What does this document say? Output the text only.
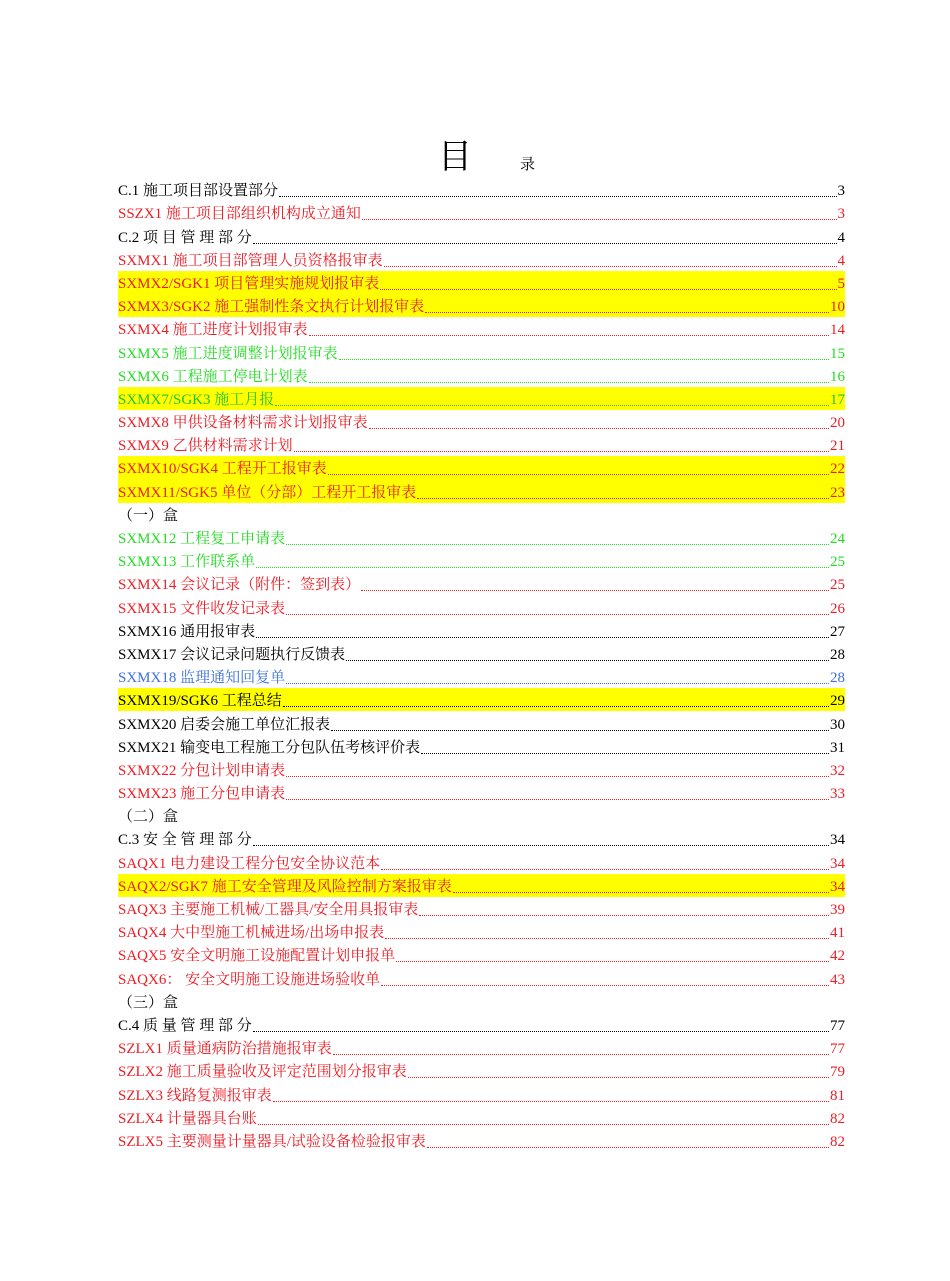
目	录
C.1 施工项目部设置部分	3
SSZX1 施工项目部组织机构成立通知	3
C.2 项 目 管 理 部 分	4
SXMX1 施工项目部管理人员资格报审表	4
SXMX2/SGK1 项目管理实施规划报审表	5
SXMX3/SGK2 施工强制性条文执行计划报审表	10
SXMX4 施工进度计划报审表	14
SXMX5 施工进度调整计划报审表	15
SXMX6 工程施工停电计划表	16
SXMX7/SGK3 施工月报	17
SXMX8 甲供设备材料需求计划报审表	20
SXMX9 乙供材料需求计划	21
SXMX10/SGK4 工程开工报审表	22
SXMX11/SGK5 单位（分部）工程开工报审表	23
（一）盒
SXMX12 工程复工申请表	24
SXMX13 工作联系单	25
SXMX14 会议记录（附件：签到表）	25
SXMX15 文件收发记录表	26
SXMX16 通用报审表	27
SXMX17 会议记录问题执行反馈表	28
SXMX18 监理通知回复单	28
SXMX19/SGK6 工程总结	29
SXMX20 启委会施工单位汇报表	30
SXMX21 输变电工程施工分包队伍考核评价表	31
SXMX22 分包计划申请表	32
SXMX23 施工分包申请表	33
（二）盒
C.3 安 全 管 理 部 分	34
SAQX1 电力建设工程分包安全协议范本	34
SAQX2/SGK7 施工安全管理及风险控制方案报审表	34
SAQX3 主要施工机械/工器具/安全用具报审表	39
SAQX4 大中型施工机械进场/出场申报表	41
SAQX5 安全文明施工设施配置计划申报单	42
SAQX6： 安全文明施工设施进场验收单	43
（三）盒
C.4 质 量 管 理 部 分	77
SZLX1 质量通病防治措施报审表	77
SZLX2 施工质量验收及评定范围划分报审表	79
SZLX3 线路复测报审表	81
SZLX4 计量器具台账	82
SZLX5 主要测量计量器具/试验设备检验报审表	82
